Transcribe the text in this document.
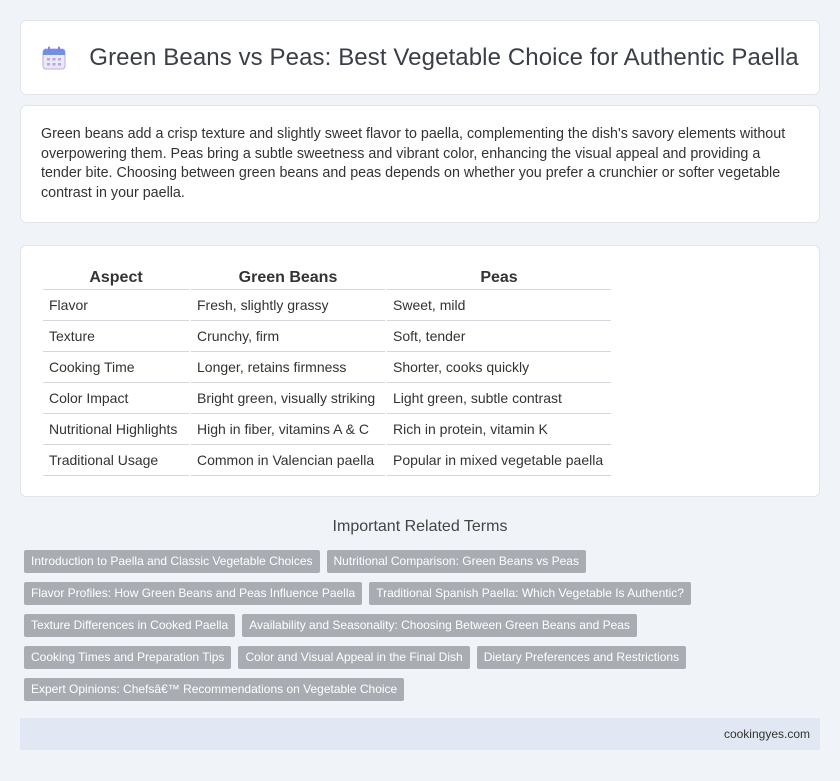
Green Beans vs Peas: Best Vegetable Choice for Authentic Paella

Green beans add a crisp texture and slightly sweet flavor to paella, complementing the dish's savory elements without overpowering them. Peas bring a subtle sweetness and vibrant color, enhancing the visual appeal and providing a tender bite. Choosing between green beans and peas depends on whether you prefer a crunchier or softer vegetable contrast in your paella.

Aspect	Green Beans	Peas
Flavor	Fresh, slightly grassy	Sweet, mild
Texture	Crunchy, firm	Soft, tender
Cooking Time	Longer, retains firmness	Shorter, cooks quickly
Color Impact	Bright green, visually striking	Light green, subtle contrast
Nutritional Highlights	High in fiber, vitamins A & C	Rich in protein, vitamin K
Traditional Usage	Common in Valencian paella	Popular in mixed vegetable paella
Important Related Terms
Introduction to Paella and Classic Vegetable Choices	Nutritional Comparison: Green Beans vs Peas
Flavor Profiles: How Green Beans and Peas Influence Paella	Traditional Spanish Paella: Which Vegetable Is Authentic?
Texture Differences in Cooked Paella	Availability and Seasonality: Choosing Between Green Beans and Peas
Cooking Times and Preparation Tips	Color and Visual Appeal in the Final Dish	Dietary Preferences and Restrictions
Expert Opinions: Chefsâ€™ Recommendations on Vegetable Choice
cookingyes.com
